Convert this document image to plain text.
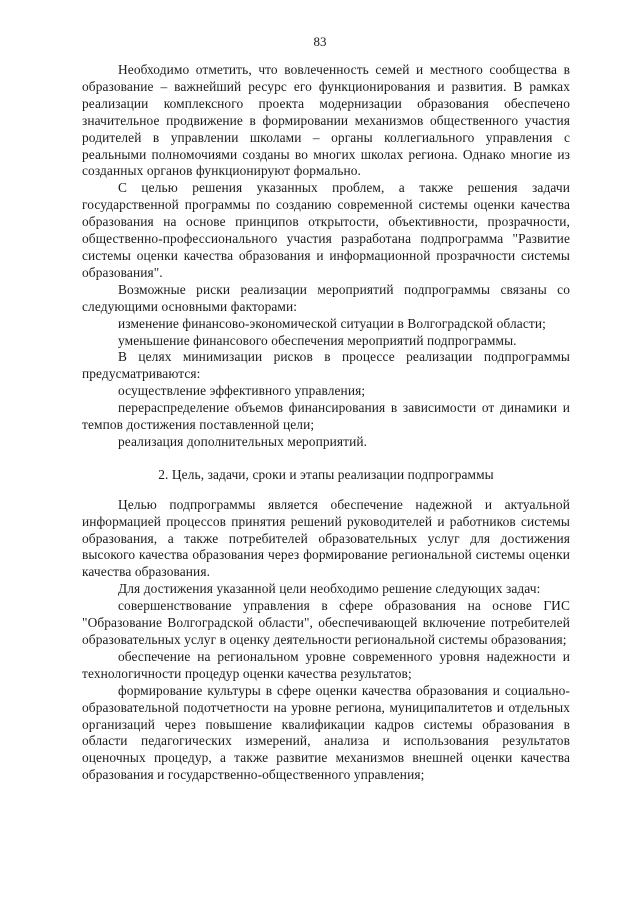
83

Необходимо отметить, что вовлеченность семей и местного сообщества в образование – важнейший ресурс его функционирования и развития. В рамках реализации комплексного проекта модернизации образования обеспечено значительное продвижение в формировании механизмов общественного участия родителей в управлении школами – органы коллегиального управления с реальными полномочиями созданы во многих школах региона. Однако многие из созданных органов функционируют формально.

С целью решения указанных проблем, а также решения задачи государственной программы по созданию современной системы оценки качества образования на основе принципов открытости, объективности, прозрачности, общественно-профессионального участия разработана подпрограмма "Развитие системы оценки качества образования и информационной прозрачности системы образования".

Возможные риски реализации мероприятий подпрограммы связаны со следующими основными факторами:

изменение финансово-экономической ситуации в Волгоградской области;

уменьшение финансового обеспечения мероприятий подпрограммы.

В целях минимизации рисков в процессе реализации подпрограммы предусматриваются:

осуществление эффективного управления;

перераспределение объемов финансирования в зависимости от динамики и темпов достижения поставленной цели;

реализация дополнительных мероприятий.

2. Цель, задачи, сроки и этапы реализации подпрограммы

Целью подпрограммы является обеспечение надежной и актуальной информацией процессов принятия решений руководителей и работников системы образования, а также потребителей образовательных услуг для достижения высокого качества образования через формирование региональной системы оценки качества образования.

Для достижения указанной цели необходимо решение следующих задач:

совершенствование управления в сфере образования на основе ГИС "Образование Волгоградской области", обеспечивающей включение потребителей образовательных услуг в оценку деятельности региональной системы образования;

обеспечение на региональном уровне современного уровня надежности и технологичности процедур оценки качества результатов;

формирование культуры в сфере оценки качества образования и социально-образовательной подотчетности на уровне региона, муниципалитетов и отдельных организаций через повышение квалификации кадров системы образования в области педагогических измерений, анализа и использования результатов оценочных процедур, а также развитие механизмов внешней оценки качества образования и государственно-общественного управления;
